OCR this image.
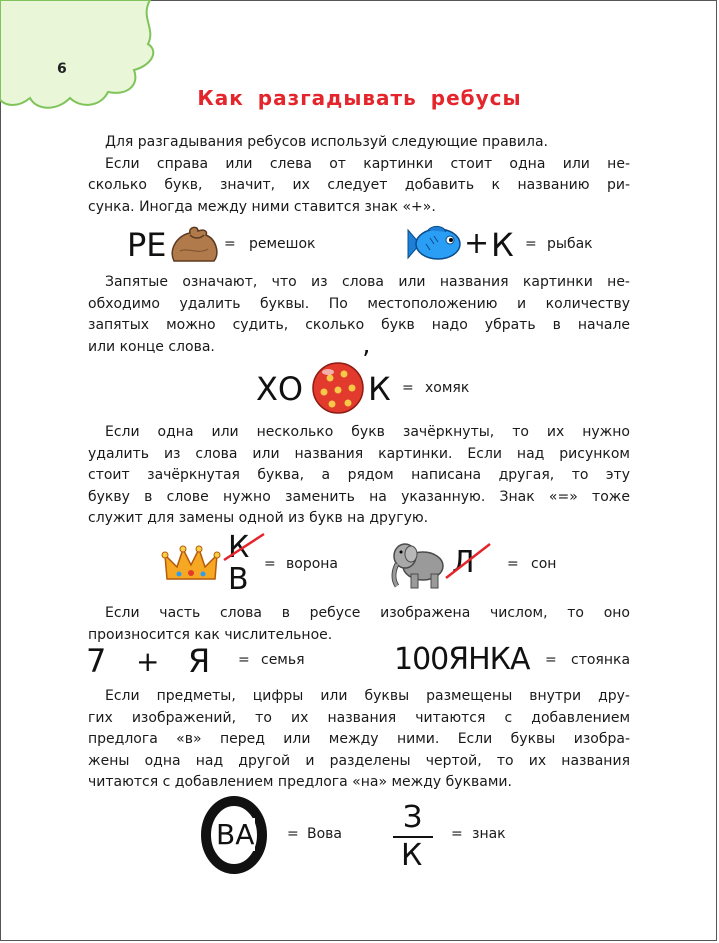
6
Как разгадывать ребусы
Для разгадывания ребусов используй следующие правила.
Если справа или слева от картинки стоит одна или не-
сколько букв, значит, их следует добавить к названию ри-
сунка. Иногда между ними ставится знак «+».
РЕ	= ремешок	+ К = рыбак
Запятые означают, что из слова или названия картинки не-
обходимо удалить буквы. По местоположению и количеству
запятых можно судить, сколько букв надо убрать в начале
или конце слова.
ХО
’
К = хомяк
Если одна или несколько букв зачёркнуты, то их нужно
удалить из слова или названия картинки. Если над рисунком
стоит зачёркнутая буква, а рядом написана другая, то эту
букву в слове нужно заменить на указанную. Знак «=» тоже
служит для замены одной из букв на другую.
К
В = ворона	Л = сон
Если часть слова в ребусе изображена числом, то оно
произносится как числительное.
7 + Я = семья	100ЯНКА = стоянка
Если предметы, цифры или буквы размещены внутри дру-
гих изображений, то их названия читаются с добавлением
предлога «в» перед или между ними. Если буквы изобра-
жены одна над другой и разделены чертой, то их названия
читаются с добавлением предлога «на» между буквами.
ВА = Вова З
К
= знак
